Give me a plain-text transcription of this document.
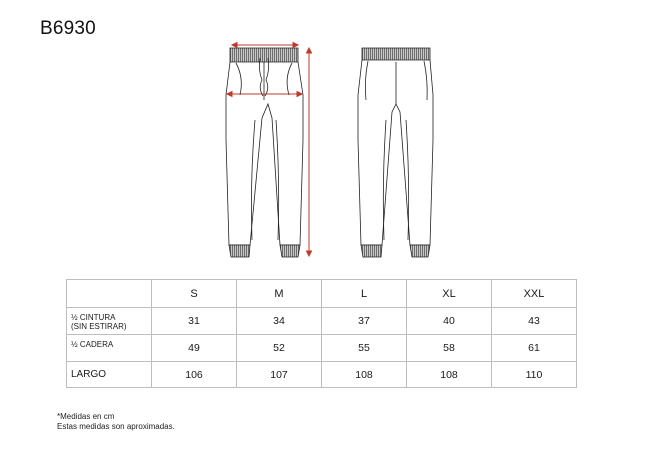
B6930
	S	M	L	XL	XXL

½ CINTURA
(SIN ESTIRAR)	31	34	37	40	43

½ CADERA	49	52	55	58	61

LARGO	106	107	108	108	110
*Medidas en cm
Estas medidas son aproximadas.
